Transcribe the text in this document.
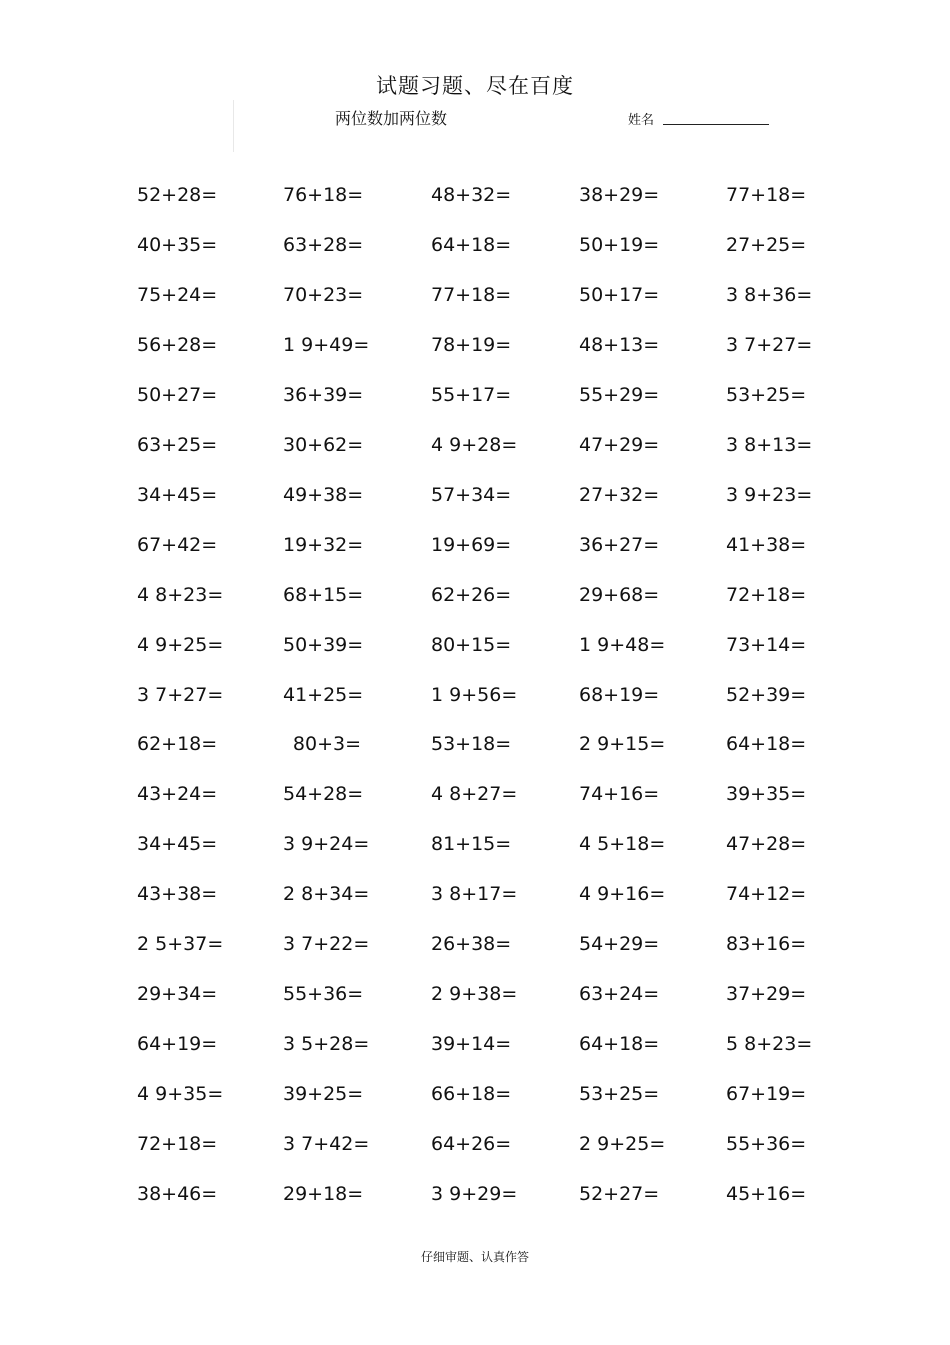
试题习题、尽在百度
两位数加两位数	姓名
52+28=	76+18=	48+32=	38+29=	77+18=
40+35=	63+28=	64+18=	50+19=	27+25=
75+24=	70+23=	77+18=	50+17=	3 8+36=
56+28=	1 9+49=	78+19=	48+13=	3 7+27=
50+27=	36+39=	55+17=	55+29=	53+25=
63+25=	30+62=	4 9+28=	47+29=	3 8+13=
34+45=	49+38=	57+34=	27+32=	3 9+23=
67+42=	19+32=	19+69=	36+27=	41+38=
4 8+23=	68+15=	62+26=	29+68=	72+18=
4 9+25=	50+39=	80+15=	1 9+48=	73+14=
3 7+27=	41+25=	1 9+56=	68+19=	52+39=
62+18=	80+3=	53+18=	2 9+15=	64+18=
43+24=	54+28=	4 8+27=	74+16=	39+35=
34+45=	3 9+24=	81+15=	4 5+18=	47+28=
43+38=	2 8+34=	3 8+17=	4 9+16=	74+12=
2 5+37=	3 7+22=	26+38=	54+29=	83+16=
29+34=	55+36=	2 9+38=	63+24=	37+29=
64+19=	3 5+28=	39+14=	64+18=	5 8+23=
4 9+35=	39+25=	66+18=	53+25=	67+19=
72+18=	3 7+42=	64+26=	2 9+25=	55+36=
38+46=	29+18=	3 9+29=	52+27=	45+16=
仔细审题、认真作答
